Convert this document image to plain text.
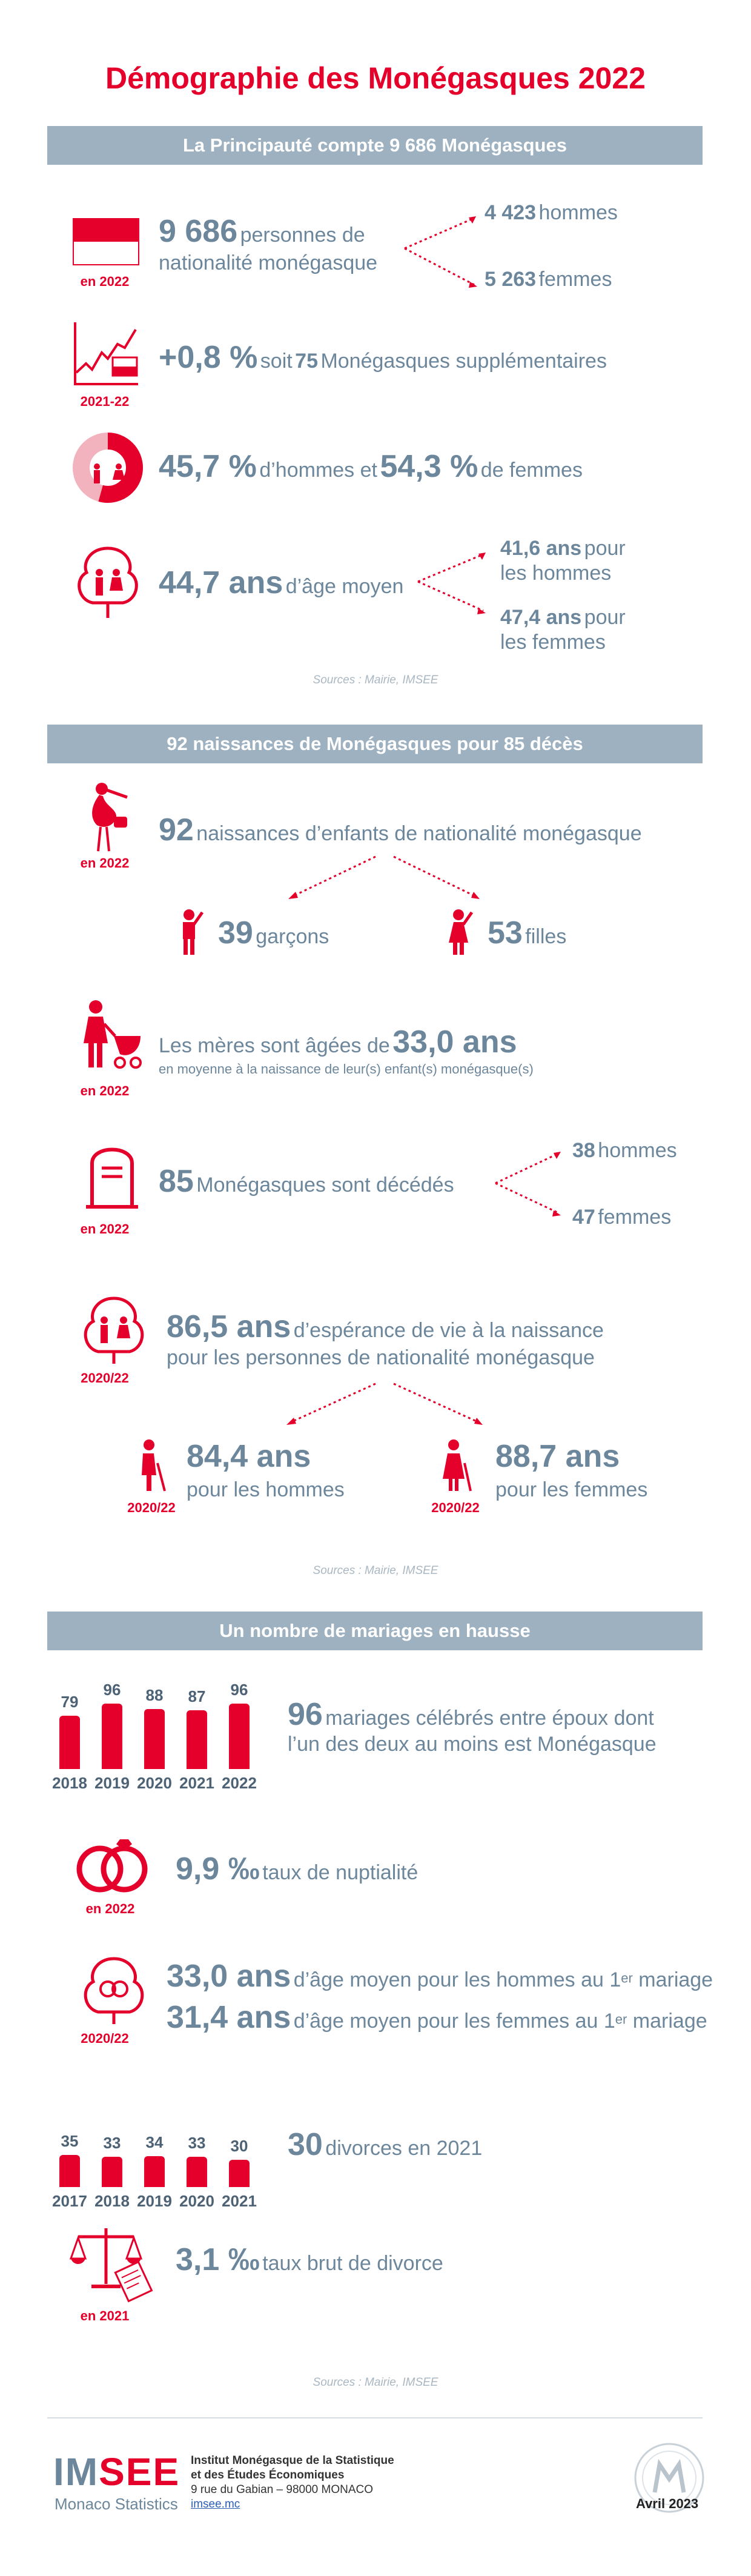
Démographie des Monégasques 2022
La Principauté compte 9 686 Monégasques
en 2022
9 686 personnes de
nationalité monégasque
4 423 hommes
5 263 femmes
2021-22
+0,8 % soit 75 Monégasques supplémentaires
45,7 % d’hommes et 54,3 % de femmes
44,7 ans d’âge moyen
41,6 ans pour
les hommes
47,4 ans pour
les femmes
Sources : Mairie, IMSEE
92 naissances de Monégasques pour 85 décès
en 2022
92 naissances d’enfants de nationalité monégasque
39 garçons	53 filles
en 2022
Les mères sont âgées de 33,0 ans
en moyenne à la naissance de leur(s) enfant(s) monégasque(s)
en 2022
85 Monégasques sont décédés
38 hommes
47 femmes
2020/22
86,5 ans d’espérance de vie à la naissance
pour les personnes de nationalité monégasque
2020/22
84,4 ans
pour les hommes
2020/22
88,7 ans
pour les femmes
Sources : Mairie, IMSEE
Un nombre de mariages en hausse
79
2018
96
2019
88
2020
87
2021
96
2022
96 mariages célébrés entre époux dont
l’un des deux au moins est Monégasque
en 2022
9,9 ‰ taux de nuptialité
2020/22
33,0 ans d’âge moyen pour les hommes au 1er mariage
31,4 ans d’âge moyen pour les femmes au 1er mariage
35
2017
33
2018
34
2019
33
2020
30
2021
30 divorces en 2021
en 2021
3,1 ‰ taux brut de divorce
Sources : Mairie, IMSEE
IMSEE
Monaco Statistics
Institut Monégasque de la Statistique
et des Études Économiques
9 rue du Gabian – 98000 MONACO
imsee.mc	Avril 2023
